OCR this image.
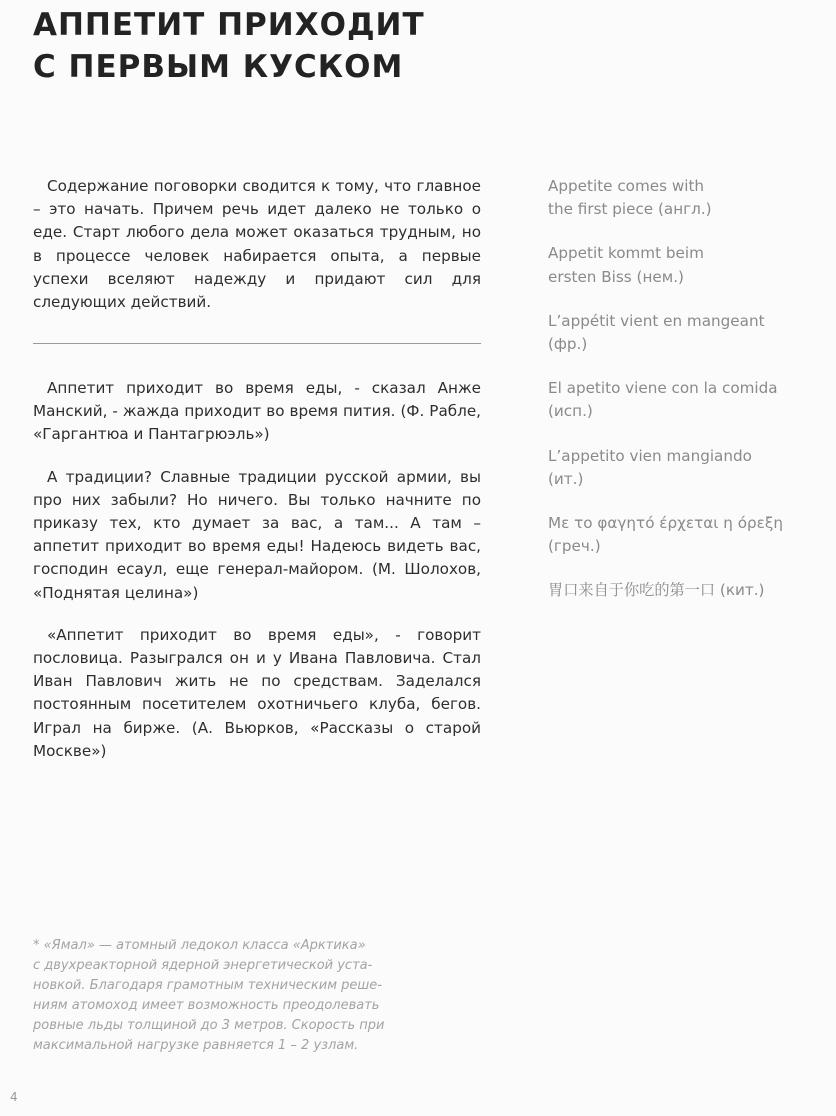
АППЕТИТ ПРИХОДИТ
С ПЕРВЫМ КУСКОМ

Содержание поговорки сводится к тому, что главное – это начать. Причем речь идет далеко не только о еде. Старт любого дела может оказаться трудным, но в процессе человек набирается опыта, а первые успехи вселяют надежду и придают сил для следующих действий.

Аппетит приходит во время еды, - сказал Анже Манский, - жажда приходит во время пития. (Ф. Рабле, «Гаргантюа и Пантагрюэль»)

А традиции? Славные традиции русской армии, вы про них забыли? Но ничего. Вы только начните по приказу тех, кто думает за вас, а там... А там – аппетит приходит во время еды! Надеюсь видеть вас, господин есаул, еще генерал-майором. (М. Шолохов, «Поднятая целина»)

«Аппетит приходит во время еды», - говорит пословица. Разыгрался он и у Ивана Павловича. Стал Иван Павлович жить не по средствам. Заделался постоянным посетителем охотничьего клуба, бегов. Играл на бирже. (А. Вьюрков, «Рассказы о старой Москве»)

Appetite comes with
the first piece (англ.)
Appetit kommt beim
ersten Biss (нем.)
L’appétit vient en mangeant
(фр.)
El apetito viene con la comida
(исп.)
L’appetito vien mangiando
(ит.)
Με το φαγητό έρχεται η όρεξη
(греч.)
胃口来自于你吃的第一口 (кит.)
* «Ямал» — атомный ледокол класса «Арктика»
с двухреакторной ядерной энергетической уста-
новкой. Благодаря грамотным техническим реше-
ниям атомоход имеет возможность преодолевать
ровные льды толщиной до 3 метров. Скорость при
максимальной нагрузке равняется 1 – 2 узлам.
4
